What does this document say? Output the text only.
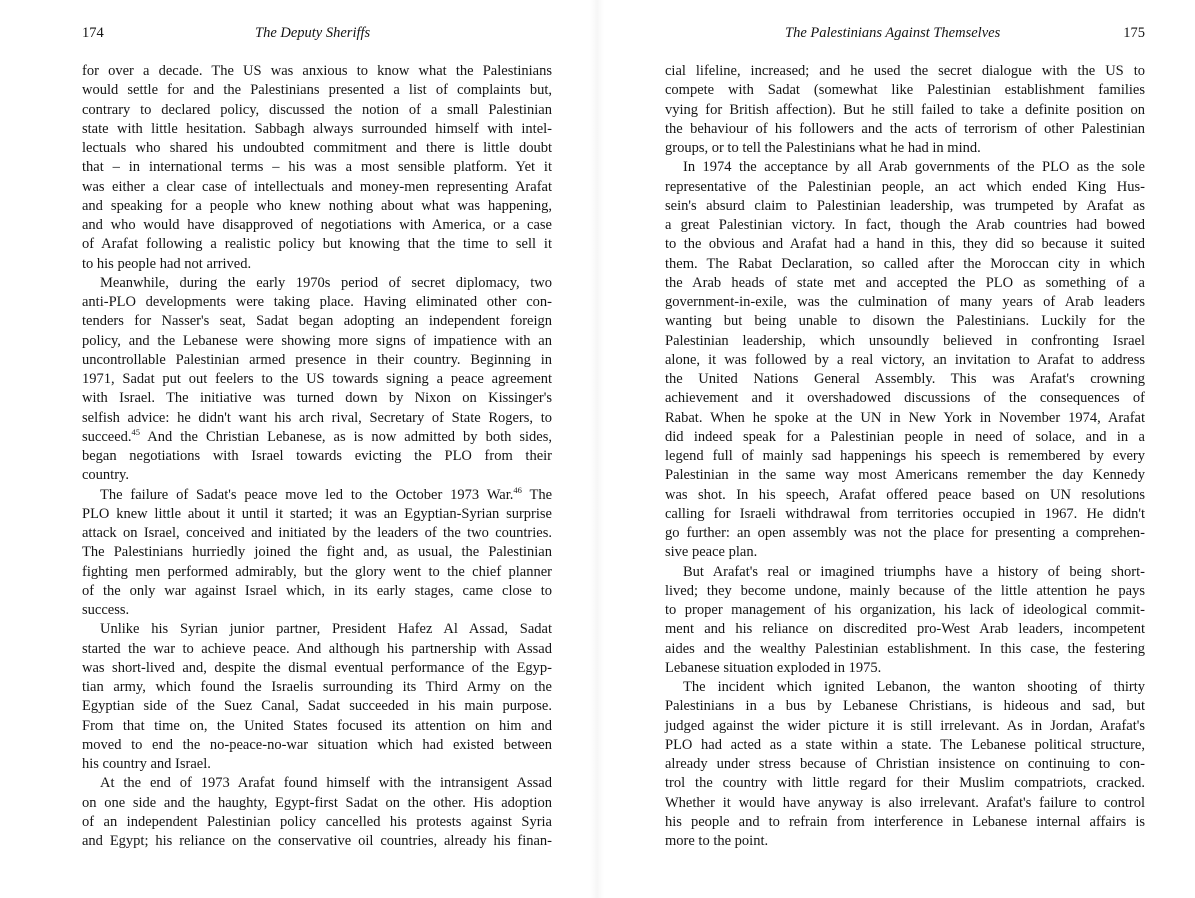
174	The Deputy Sheriffs
for over a decade. The US was anxious to know what the Palestinians
would settle for and the Palestinians presented a list of complaints but,
contrary to declared policy, discussed the notion of a small Palestinian
state with little hesitation. Sabbagh always surrounded himself with intel-
lectuals who shared his undoubted commitment and there is little doubt
that – in international terms – his was a most sensible platform. Yet it
was either a clear case of intellectuals and money-men representing Arafat
and speaking for a people who knew nothing about what was happening,
and who would have disapproved of negotiations with America, or a case
of Arafat following a realistic policy but knowing that the time to sell it
to his people had not arrived.
Meanwhile, during the early 1970s period of secret diplomacy, two
anti-PLO developments were taking place. Having eliminated other con-
tenders for Nasser's seat, Sadat began adopting an independent foreign
policy, and the Lebanese were showing more signs of impatience with an
uncontrollable Palestinian armed presence in their country. Beginning in
1971, Sadat put out feelers to the US towards signing a peace agreement
with Israel. The initiative was turned down by Nixon on Kissinger's
selfish advice: he didn't want his arch rival, Secretary of State Rogers, to
succeed.$^{45}$ And the Christian Lebanese, as is now admitted by both sides,
began negotiations with Israel towards evicting the PLO from their
country.
The failure of Sadat's peace move led to the October 1973 War.$^{46}$ The
PLO knew little about it until it started; it was an Egyptian-Syrian surprise
attack on Israel, conceived and initiated by the leaders of the two countries.
The Palestinians hurriedly joined the fight and, as usual, the Palestinian
fighting men performed admirably, but the glory went to the chief planner
of the only war against Israel which, in its early stages, came close to
success.
Unlike his Syrian junior partner, President Hafez Al Assad, Sadat
started the war to achieve peace. And although his partnership with Assad
was short-lived and, despite the dismal eventual performance of the Egyp-
tian army, which found the Israelis surrounding its Third Army on the
Egyptian side of the Suez Canal, Sadat succeeded in his main purpose.
From that time on, the United States focused its attention on him and
moved to end the no-peace-no-war situation which had existed between
his country and Israel.
At the end of 1973 Arafat found himself with the intransigent Assad
on one side and the haughty, Egypt-first Sadat on the other. His adoption
of an independent Palestinian policy cancelled his protests against Syria
and Egypt; his reliance on the conservative oil countries, already his finan-
The Palestinians Against Themselves	175
cial lifeline, increased; and he used the secret dialogue with the US to
compete with Sadat (somewhat like Palestinian establishment families
vying for British affection). But he still failed to take a definite position on
the behaviour of his followers and the acts of terrorism of other Palestinian
groups, or to tell the Palestinians what he had in mind.
In 1974 the acceptance by all Arab governments of the PLO as the sole
representative of the Palestinian people, an act which ended King Hus-
sein's absurd claim to Palestinian leadership, was trumpeted by Arafat as
a great Palestinian victory. In fact, though the Arab countries had bowed
to the obvious and Arafat had a hand in this, they did so because it suited
them. The Rabat Declaration, so called after the Moroccan city in which
the Arab heads of state met and accepted the PLO as something of a
government-in-exile, was the culmination of many years of Arab leaders
wanting but being unable to disown the Palestinians. Luckily for the
Palestinian leadership, which unsoundly believed in confronting Israel
alone, it was followed by a real victory, an invitation to Arafat to address
the United Nations General Assembly. This was Arafat's crowning
achievement and it overshadowed discussions of the consequences of
Rabat. When he spoke at the UN in New York in November 1974, Arafat
did indeed speak for a Palestinian people in need of solace, and in a
legend full of mainly sad happenings his speech is remembered by every
Palestinian in the same way most Americans remember the day Kennedy
was shot. In his speech, Arafat offered peace based on UN resolutions
calling for Israeli withdrawal from territories occupied in 1967. He didn't
go further: an open assembly was not the place for presenting a comprehen-
sive peace plan.
But Arafat's real or imagined triumphs have a history of being short-
lived; they become undone, mainly because of the little attention he pays
to proper management of his organization, his lack of ideological commit-
ment and his reliance on discredited pro-West Arab leaders, incompetent
aides and the wealthy Palestinian establishment. In this case, the festering
Lebanese situation exploded in 1975.
The incident which ignited Lebanon, the wanton shooting of thirty
Palestinians in a bus by Lebanese Christians, is hideous and sad, but
judged against the wider picture it is still irrelevant. As in Jordan, Arafat's
PLO had acted as a state within a state. The Lebanese political structure,
already under stress because of Christian insistence on continuing to con-
trol the country with little regard for their Muslim compatriots, cracked.
Whether it would have anyway is also irrelevant. Arafat's failure to control
his people and to refrain from interference in Lebanese internal affairs is
more to the point.
